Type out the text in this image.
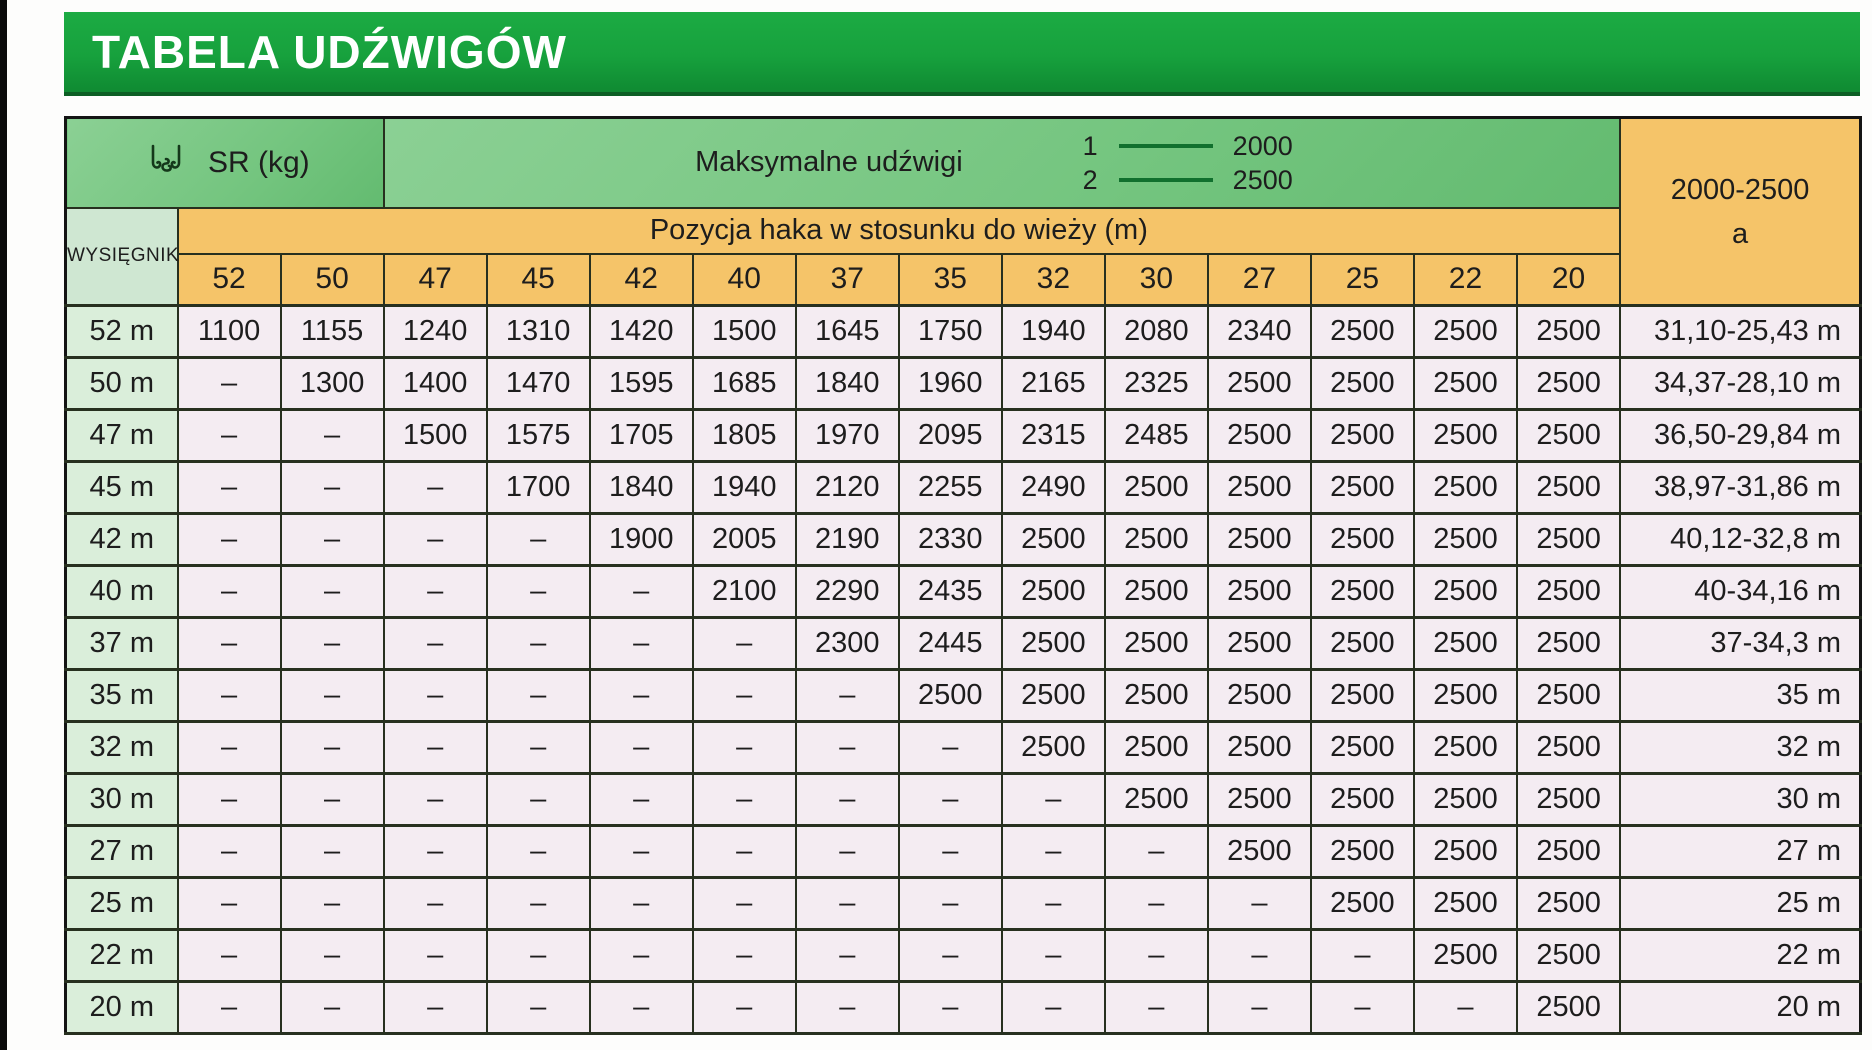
TABELA UDŹWIGÓW
SR (kg)	Maksymalne udźwigi
1	2000
2	2500	2000-2500
a

WYSIĘGNIK	Pozycja haka w stosunku do wieży (m)														
	52	50	47	45	42	40	37	35	32	30	27	25	22	20	
52 m	1100	1155	1240	1310	1420	1500	1645	1750	1940	2080	2340	2500	2500	2500	31,10-25,43 m
50 m	–	1300	1400	1470	1595	1685	1840	1960	2165	2325	2500	2500	2500	2500	34,37-28,10 m
47 m	–	–	1500	1575	1705	1805	1970	2095	2315	2485	2500	2500	2500	2500	36,50-29,84 m
45 m	–	–	–	1700	1840	1940	2120	2255	2490	2500	2500	2500	2500	2500	38,97-31,86 m
42 m	–	–	–	–	1900	2005	2190	2330	2500	2500	2500	2500	2500	2500	40,12-32,8 m
40 m	–	–	–	–	–	2100	2290	2435	2500	2500	2500	2500	2500	2500	40-34,16 m
37 m	–	–	–	–	–	–	2300	2445	2500	2500	2500	2500	2500	2500	37-34,3 m
35 m	–	–	–	–	–	–	–	2500	2500	2500	2500	2500	2500	2500	35 m
32 m	–	–	–	–	–	–	–	–	2500	2500	2500	2500	2500	2500	32 m
30 m	–	–	–	–	–	–	–	–	–	2500	2500	2500	2500	2500	30 m
27 m	–	–	–	–	–	–	–	–	–	–	2500	2500	2500	2500	27 m
25 m	–	–	–	–	–	–	–	–	–	–	–	2500	2500	2500	25 m
22 m	–	–	–	–	–	–	–	–	–	–	–	–	2500	2500	22 m
20 m	–	–	–	–	–	–	–	–	–	–	–	–	–	2500	20 m
